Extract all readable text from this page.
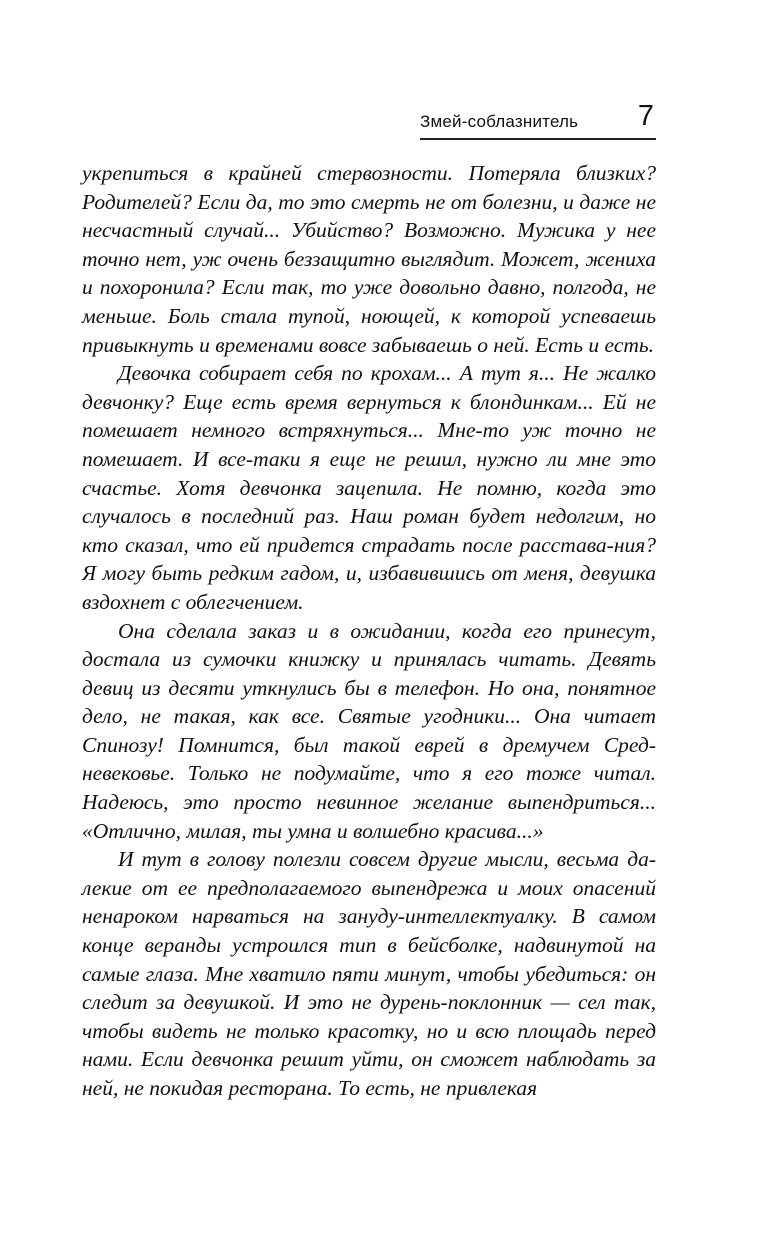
Змей-соблазнитель 7

укрепиться в крайней стервозности. Потеряла близких? Родителей? Если да, то это смерть не от болезни, и даже не несчастный случай... Убийство? Возможно. Мужика у нее точно нет, уж очень беззащитно выглядит. Может, жениха и похоронила? Если так, то уже довольно давно, полгода, не меньше. Боль стала тупой, ноющей, к которой успеваешь привыкнуть и временами вовсе забываешь о ней. Есть и есть.

Девочка собирает себя по крохам... А тут я... Не жалко девчонку? Еще есть время вернуться к блондинкам... Ей не помешает немного встряхнуться... Мне-то уж точно не помешает. И все-таки я еще не решил, нужно ли мне это счастье. Хотя девчонка зацепила. Не помню, когда это случалось в последний раз. Наш роман будет недолгим, но кто сказал, что ей придется страдать после расстава-ния? Я могу быть редким гадом, и, избавившись от меня, девушка вздохнет с облегчением.

Она сделала заказ и в ожидании, когда его принесут, достала из сумочки книжку и принялась читать. Девять девиц из десяти уткнулись бы в телефон. Но она, понятное дело, не такая, как все. Святые угодники... Она читает Спинозу! Помнится, был такой еврей в дремучем Средневековье. Только не подумайте, что я его тоже читал. Надеюсь, это просто невинное желание выпендриться... «Отлично, милая, ты умна и волшебно красива...»

И тут в голову полезли совсем другие мысли, весьма далекие от ее предполагаемого выпендрежа и моих опасений ненароком нарваться на зануду-интеллектуалку. В самом конце веранды устроился тип в бейсболке, надвинутой на самые глаза. Мне хватило пяти минут, чтобы убедиться: он следит за девушкой. И это не дурень-поклонник — сел так, чтобы видеть не только красотку, но и всю площадь перед нами. Если девчонка решит уйти, он сможет наблюдать за ней, не покидая ресторана. То есть, не привлекая
